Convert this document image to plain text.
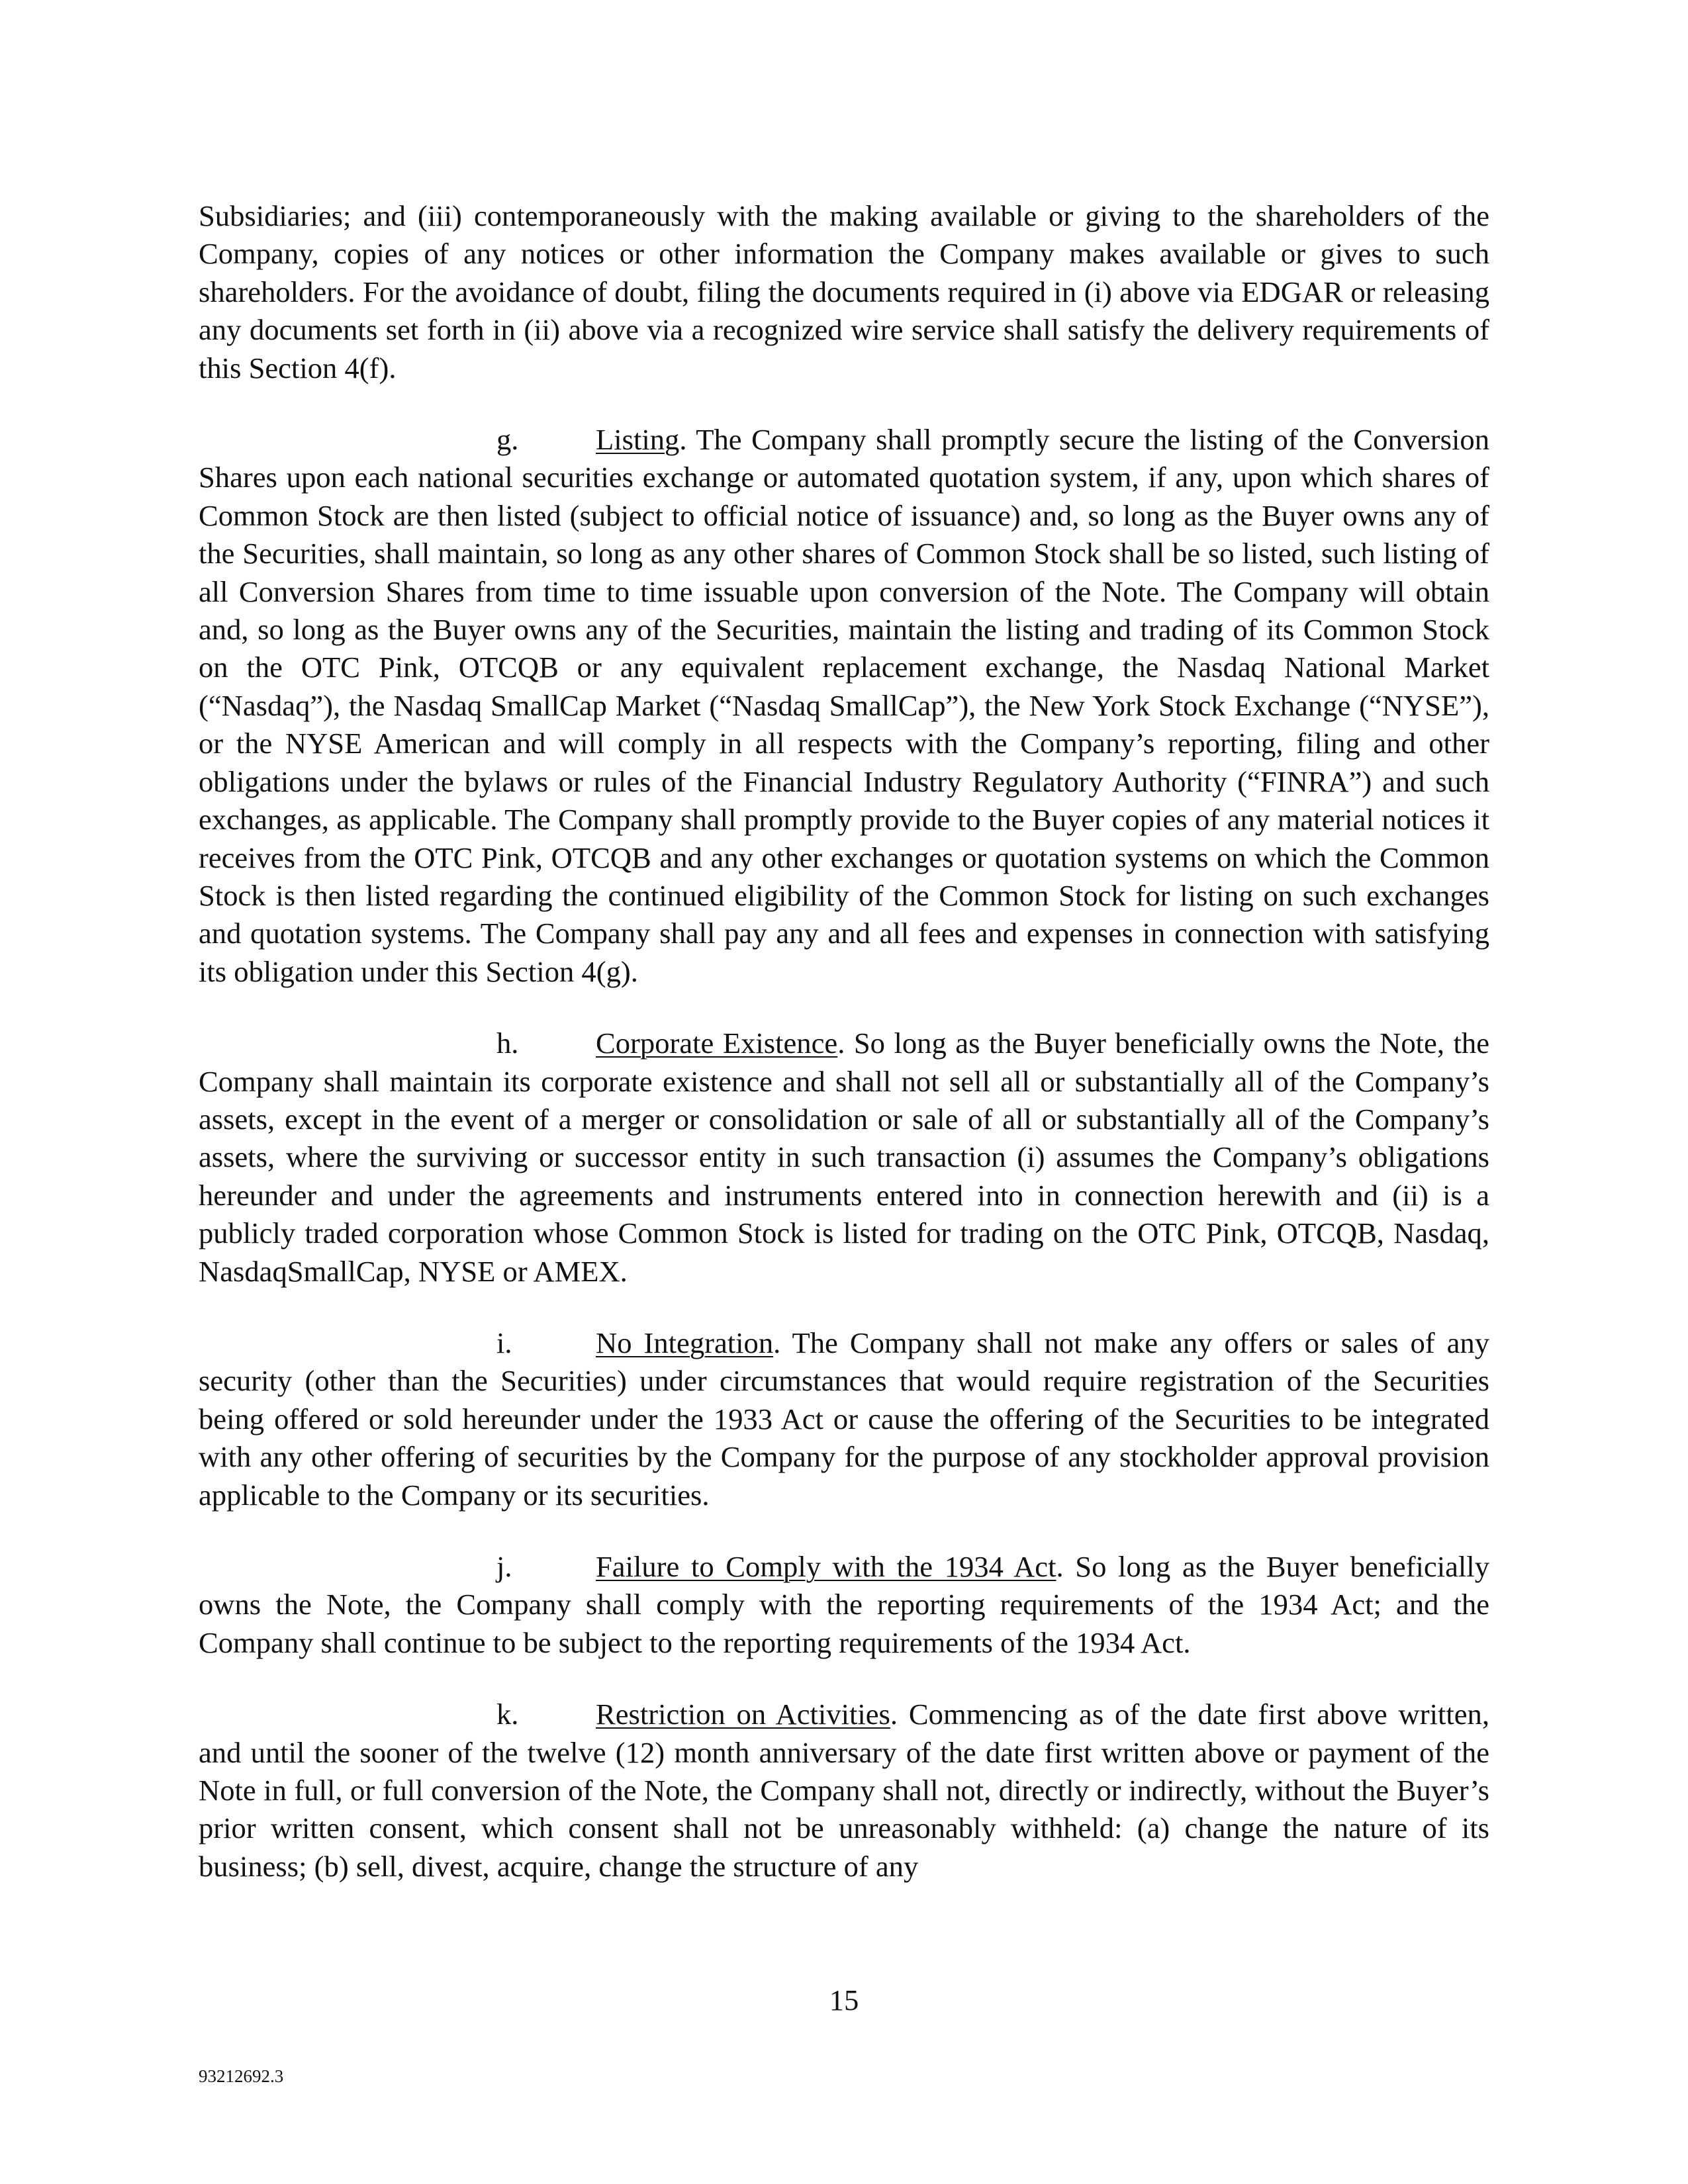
Subsidiaries; and (iii) contemporaneously with the making available or giving to the shareholders of the Company, copies of any notices or other information the Company makes available or gives to such shareholders. For the avoidance of doubt, filing the documents required in (i) above via EDGAR or releasing any documents set forth in (ii) above via a recognized wire service shall satisfy the delivery requirements of this Section 4(f).

g.	Listing. The Company shall promptly secure the listing of the Conversion Shares upon each national securities exchange or automated quotation system, if any, upon which shares of Common Stock are then listed (subject to official notice of issuance) and, so long as the Buyer owns any of the Securities, shall maintain, so long as any other shares of Common Stock shall be so listed, such listing of all Conversion Shares from time to time issuable upon conversion of the Note. The Company will obtain and, so long as the Buyer owns any of the Securities, maintain the listing and trading of its Common Stock on the OTC Pink, OTCQB or any equivalent replacement exchange, the Nasdaq National Market (“Nasdaq”), the Nasdaq SmallCap Market (“Nasdaq SmallCap”), the New York Stock Exchange (“NYSE”), or the NYSE American and will comply in all respects with the Company’s reporting, filing and other obligations under the bylaws or rules of the Financial Industry Regulatory Authority (“FINRA”) and such exchanges, as applicable. The Company shall promptly provide to the Buyer copies of any material notices it receives from the OTC Pink, OTCQB and any other exchanges or quotation systems on which the Common Stock is then listed regarding the continued eligibility of the Common Stock for listing on such exchanges and quotation systems. The Company shall pay any and all fees and expenses in connection with satisfying its obligation under this Section 4(g).

h.	Corporate Existence. So long as the Buyer beneficially owns the Note, the Company shall maintain its corporate existence and shall not sell all or substantially all of the Company’s assets, except in the event of a merger or consolidation or sale of all or substantially all of the Company’s assets, where the surviving or successor entity in such transaction (i) assumes the Company’s obligations hereunder and under the agreements and instruments entered into in connection herewith and (ii) is a publicly traded corporation whose Common Stock is listed for trading on the OTC Pink, OTCQB, Nasdaq, NasdaqSmallCap, NYSE or AMEX.

i.	No Integration. The Company shall not make any offers or sales of any security (other than the Securities) under circumstances that would require registration of the Securities being offered or sold hereunder under the 1933 Act or cause the offering of the Securities to be integrated with any other offering of securities by the Company for the purpose of any stockholder approval provision applicable to the Company or its securities.

j.	Failure to Comply with the 1934 Act. So long as the Buyer beneficially owns the Note, the Company shall comply with the reporting requirements of the 1934 Act; and the Company shall continue to be subject to the reporting requirements of the 1934 Act.

k.	Restriction on Activities. Commencing as of the date first above written, and until the sooner of the twelve (12) month anniversary of the date first written above or payment of the Note in full, or full conversion of the Note, the Company shall not, directly or indirectly, without the Buyer’s prior written consent, which consent shall not be unreasonably withheld: (a) change the nature of its business; (b) sell, divest, acquire, change the structure of any

15
93212692.3
